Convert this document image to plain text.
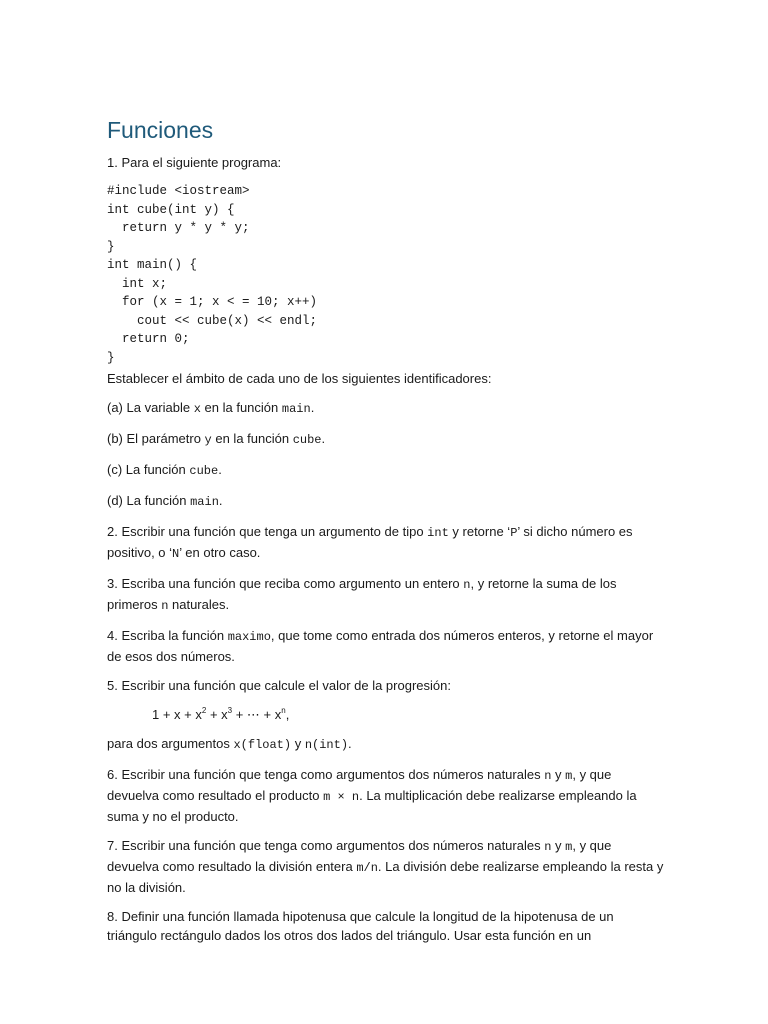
Funciones

1. Para el siguiente programa:

#include <iostream>
int cube(int y) {
return y * y * y;
}
int main() {
int x;
for (x = 1; x < = 10; x++)
cout << cube(x) << endl;
return 0;
}

Establecer el ámbito de cada uno de los siguientes identificadores:

(a) La variable x en la función main.

(b) El parámetro y en la función cube.

(c) La función cube.

(d) La función main.

2. Escribir una función que tenga un argumento de tipo int y retorne ‘P’ si dicho número es positivo, o ‘N’ en otro caso.

3. Escriba una función que reciba como argumento un entero n, y retorne la suma de los primeros n naturales.

4. Escriba la función maximo, que tome como entrada dos números enteros, y retorne el mayor de esos dos números.

5. Escribir una función que calcule el valor de la progresión:

$1 + x + x^2 + x^3$ + ⋯ + $x^n$,

para dos argumentos x(float) y n(int).

6. Escribir una función que tenga como argumentos dos números naturales n y m, y que devuelva como resultado el producto m × n. La multiplicación debe realizarse empleando la suma y no el producto.

7. Escribir una función que tenga como argumentos dos números naturales n y m, y que devuelva como resultado la división entera m/n. La división debe realizarse empleando la resta y no la división.

8. Definir una función llamada hipotenusa que calcule la longitud de la hipotenusa de un triángulo rectángulo dados los otros dos lados del triángulo. Usar esta función en un
